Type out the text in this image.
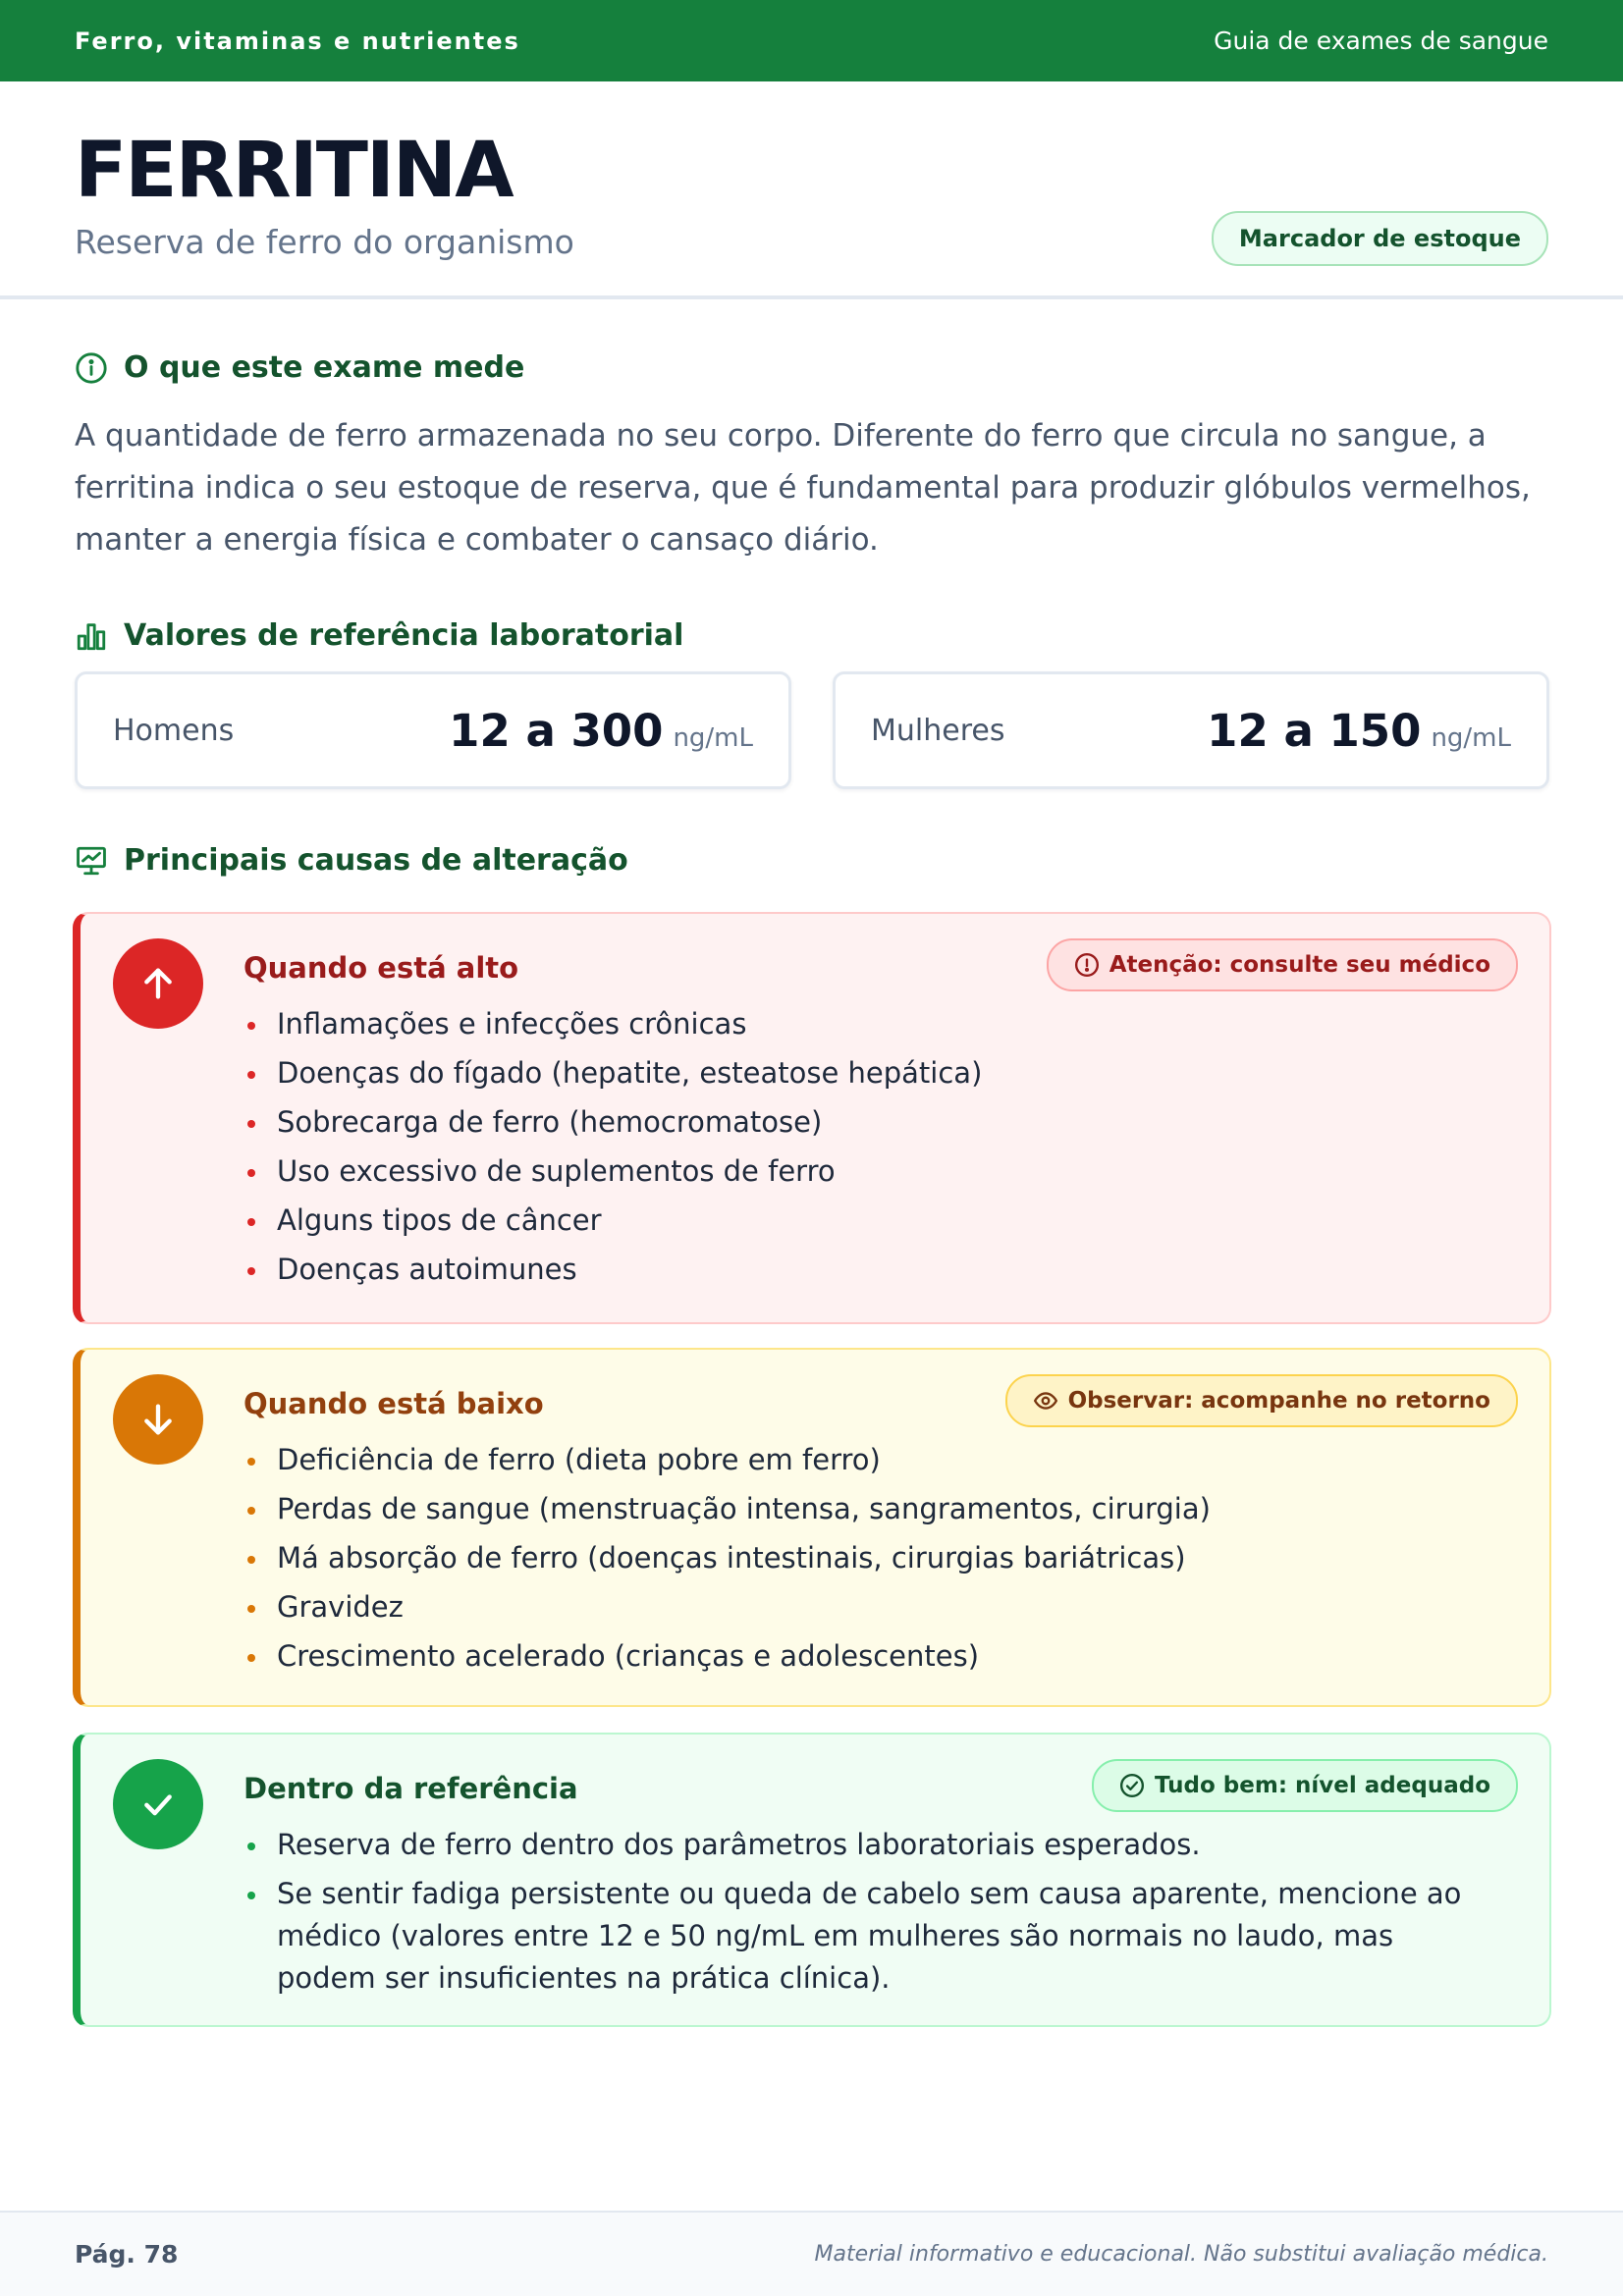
Ferro, vitaminas e nutrientes	Guia de exames de sangue
FERRITINA
Reserva de ferro do organismo	Marcador de estoque
O que este exame mede

A quantidade de ferro armazenada no seu corpo. Diferente do ferro que circula no sangue, a ferritina indica o seu estoque de reserva, que é fundamental para produzir glóbulos vermelhos, manter a energia física e combater o cansaço diário.

Valores de referência laboratorial
Homens	12 a 300 ng/mL	Mulheres	12 a 150 ng/mL
Principais causas de alteração
Quando está alto	Atenção: consulte seu médico
Inflamações e infecções crônicas
Doenças do fígado (hepatite, esteatose hepática)
Sobrecarga de ferro (hemocromatose)
Uso excessivo de suplementos de ferro
Alguns tipos de câncer
Doenças autoimunes
Quando está baixo	Observar: acompanhe no retorno
Deficiência de ferro (dieta pobre em ferro)
Perdas de sangue (menstruação intensa, sangramentos, cirurgia)
Má absorção de ferro (doenças intestinais, cirurgias bariátricas)
Gravidez
Crescimento acelerado (crianças e adolescentes)
Dentro da referência	Tudo bem: nível adequado
Reserva de ferro dentro dos parâmetros laboratoriais esperados.
Se sentir fadiga persistente ou queda de cabelo sem causa aparente, mencione ao médico (valores entre 12 e 50 ng/mL em mulheres são normais no laudo, mas podem ser insuficientes na prática clínica).
Pág. 78	Material informativo e educacional. Não substitui avaliação médica.
